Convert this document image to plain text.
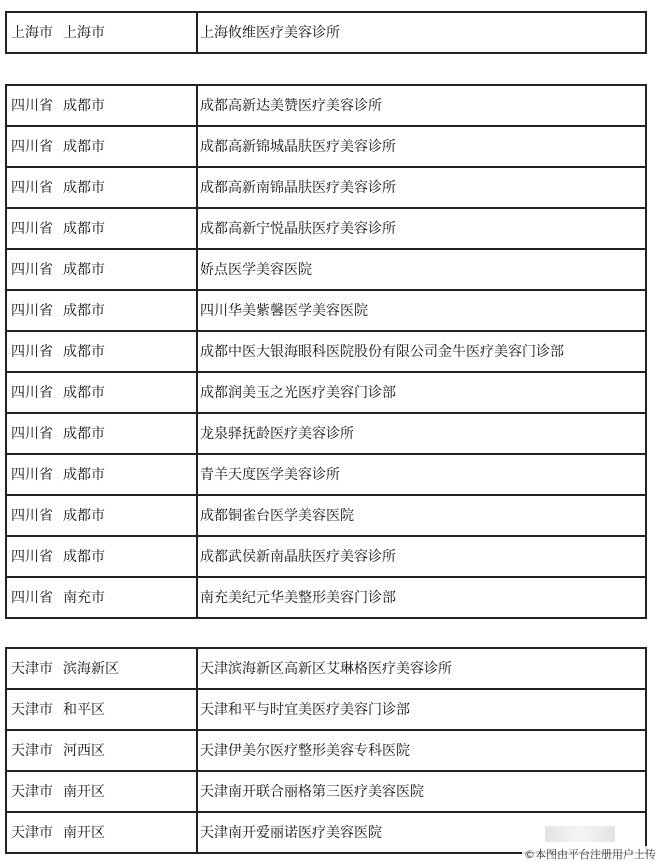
上海市 上海市	上海攸维医疗美容诊所
四川省 成都市	成都高新达美赞医疗美容诊所
四川省 成都市	成都高新锦城晶肤医疗美容诊所
四川省 成都市	成都高新南锦晶肤医疗美容诊所
四川省 成都市	成都高新宁悦晶肤医疗美容诊所
四川省 成都市	娇点医学美容医院
四川省 成都市	四川华美紫馨医学美容医院
四川省 成都市	成都中医大银海眼科医院股份有限公司金牛医疗美容门诊部
四川省 成都市	成都润美玉之光医疗美容门诊部
四川省 成都市	龙泉驿抚龄医疗美容诊所
四川省 成都市	青羊天度医学美容诊所
四川省 成都市	成都铜雀台医学美容医院
四川省 成都市	成都武侯新南晶肤医疗美容诊所
四川省 南充市	南充美纪元华美整形美容门诊部
天津市 滨海新区	天津滨海新区高新区艾琳格医疗美容诊所
天津市 和平区	天津和平与时宜美医疗美容门诊部
天津市 河西区	天津伊美尔医疗整形美容专科医院
天津市 南开区	天津南开联合丽格第三医疗美容医院
天津市 南开区	天津南开爱丽诺医疗美容医院
©本图由平台注册用户上传
